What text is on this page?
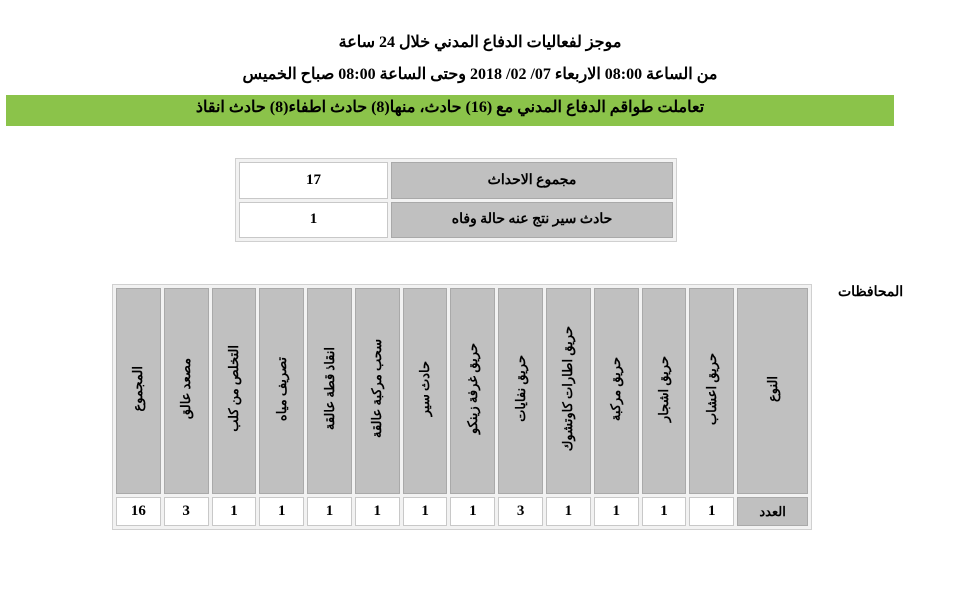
موجز لفعاليات الدفاع المدني خلال 24 ساعة
من الساعة 08:00 الاربعاء 07/ 02/ 2018 وحتى الساعة 08:00 صباح الخميس
تعاملت طواقم الدفاع المدني مع (16) حادث، منها(8) حادث اطفاء(8) حادث انقاذ
17	مجموع الاحداث
1	حادث سير نتج عنه حالة وفاه
المحافظات
المجموع	مصعد عالق	التخلص من كلب	تصريف مياه	انقاذ قطة عالقة	سحب مركبة عالقة	حادث سير	حريق غرفة زينكو	حريق نفايات	حريق اطارات كاوتشوك	حريق مركبة	حريق اشجار	حريق اعشاب	النوع
16	3	1	1	1	1	1	1	3	1	1	1	1	العدد
